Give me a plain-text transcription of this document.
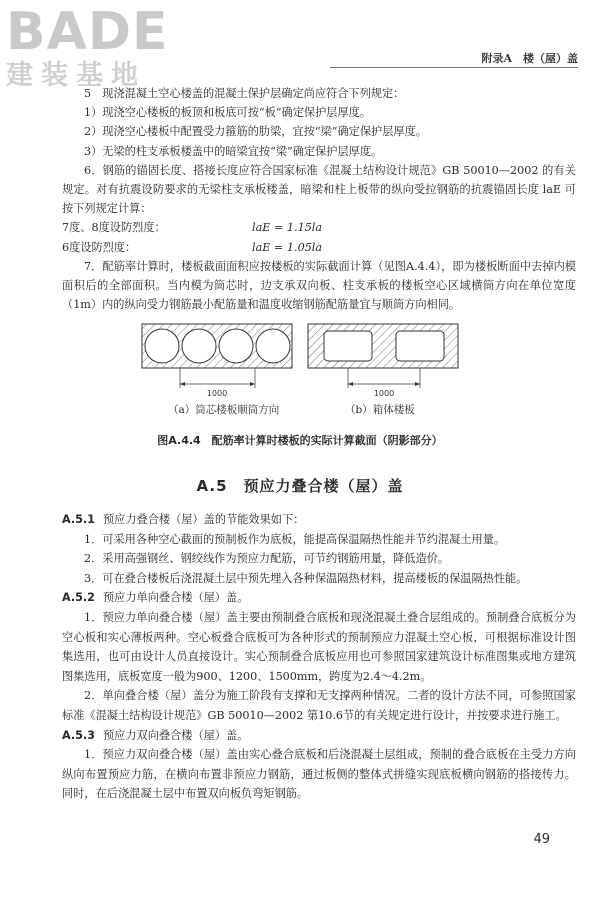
BADE
建装基地
附录A　楼（屋）盖

5　现浇混凝土空心楼盖的混凝土保护层确定尚应符合下列规定：

1）现浇空心楼板的板顶和板底可按“板”确定保护层厚度。

2）现浇空心楼板中配置受力箍筋的肋梁，宜按“梁”确定保护层厚度。

3）无梁的柱支承板楼盖中的暗梁宜按“梁”确定保护层厚度。

6．钢筋的锚固长度、搭接长度应符合国家标准《混凝土结构设计规范》GB 50010—2002 的有关规定。对有抗震设防要求的无梁柱支承板楼盖，暗梁和柱上板带的纵向受拉钢筋的抗震锚固长度 laE 可按下列规定计算：

7度、8度设防烈度：	laE = 1.15la
6度设防烈度：	laE = 1.05la

7．配筋率计算时，楼板截面面积应按楼板的实际截面计算（见图A.4.4），即为楼板断面中去掉内模面积后的全部面积。当内模为筒芯时，边支承双向板、柱支承板的楼板空心区域横筒方向在单位宽度（1m）内的纵向受力钢筋最小配筋量和温度收缩钢筋配筋量宜与顺筒方向相同。

1000	1000
（a）筒芯楼板顺筒方向	（b）箱体楼板
图A.4.4　配筋率计算时楼板的实际计算截面（阴影部分）
A.5　预应力叠合楼（屋）盖

A.5.1 预应力叠合楼（屋）盖的节能效果如下：

1．可采用各种空心截面的预制板作为底板，能提高保温隔热性能并节约混凝土用量。

2．采用高强钢丝、钢绞线作为预应力配筋，可节约钢筋用量，降低造价。

3．可在叠合楼板后浇混凝土层中预先埋入各种保温隔热材料，提高楼板的保温隔热性能。

A.5.2 预应力单向叠合楼（屋）盖。

1．预应力单向叠合楼（屋）盖主要由预制叠合底板和现浇混凝土叠合层组成的。预制叠合底板分为空心板和实心薄板两种。空心板叠合底板可为各种形式的预制预应力混凝土空心板，可根据标准设计图集选用，也可由设计人员直接设计。实心预制叠合底板应用也可参照国家建筑设计标准图集或地方建筑图集选用，底板宽度一般为900、1200、1500mm，跨度为2.4～4.2m。

2．单向叠合楼（屋）盖分为施工阶段有支撑和无支撑两种情况。二者的设计方法不同，可参照国家标准《混凝土结构设计规范》GB 50010—2002 第10.6节的有关规定进行设计，并按要求进行施工。

A.5.3 预应力双向叠合楼（屋）盖。

1．预应力双向叠合楼（屋）盖由实心叠合底板和后浇混凝土层组成，预制的叠合底板在主受力方向纵向布置预应力筋，在横向布置非预应力钢筋，通过板侧的整体式拼缝实现底板横向钢筋的搭接传力。同时，在后浇混凝土层中布置双向板负弯矩钢筋。

49
